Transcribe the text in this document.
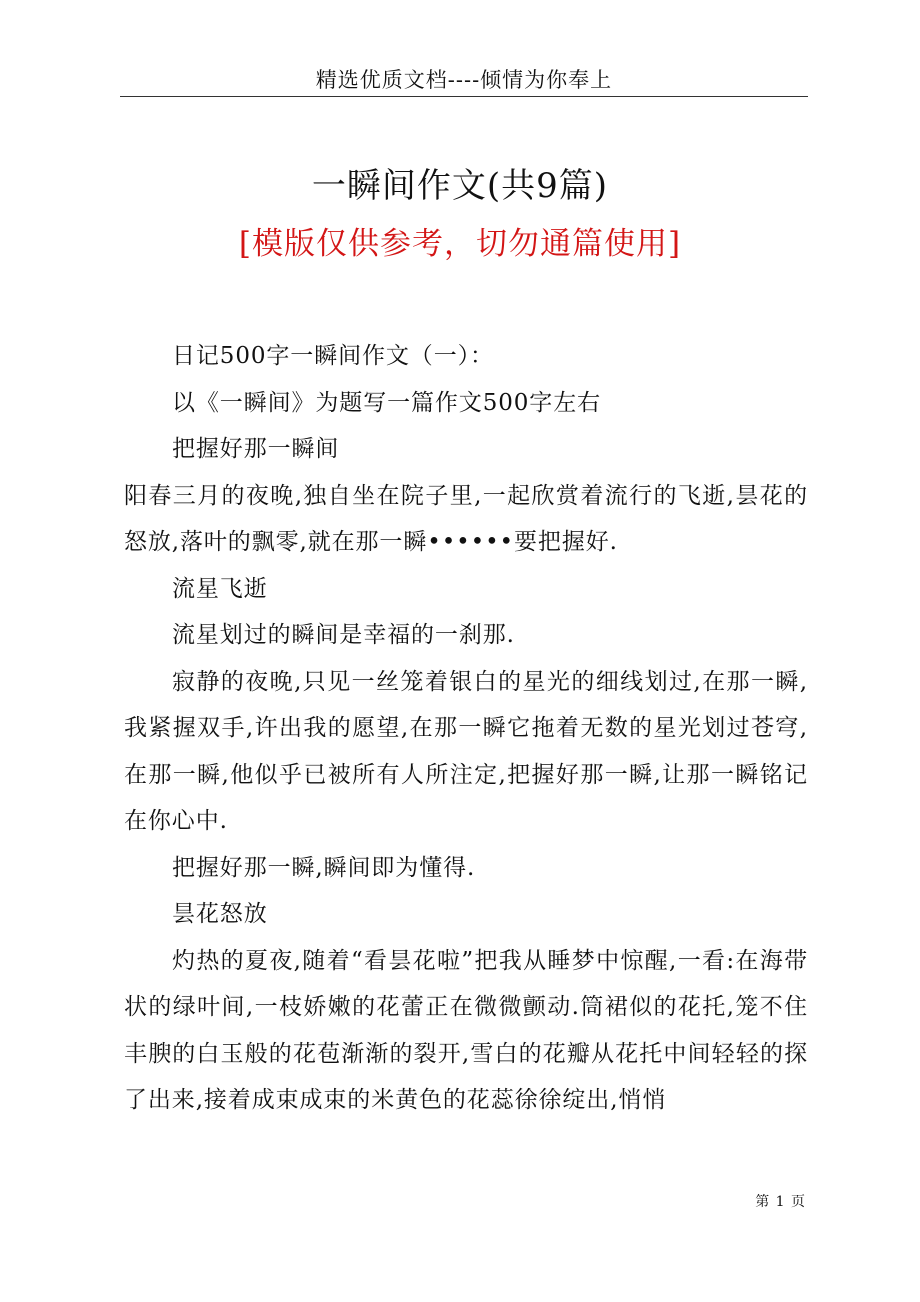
精选优质文档----倾情为你奉上
一瞬间作文(共9篇)
[模版仅供参考，切勿通篇使用]

日记500字一瞬间作文（一）：

以《一瞬间》为题写一篇作文500字左右

把握好那一瞬间

阳春三月的夜晚,独自坐在院子里,一起欣赏着流行的飞逝,昙花的怒放,落叶的飘零,就在那一瞬••••••要把握好.

流星飞逝

流星划过的瞬间是幸福的一刹那.

寂静的夜晚,只见一丝笼着银白的星光的细线划过,在那一瞬,我紧握双手,许出我的愿望,在那一瞬它拖着无数的星光划过苍穹,在那一瞬,他似乎已被所有人所注定,把握好那一瞬,让那一瞬铭记在你心中.

把握好那一瞬,瞬间即为懂得.

昙花怒放

灼热的夏夜,随着“看昙花啦”把我从睡梦中惊醒,一看:在海带状的绿叶间,一枝娇嫩的花蕾正在微微颤动.筒裙似的花托,笼不住丰腴的白玉般的花苞渐渐的裂开,雪白的花瓣从花托中间轻轻的探了出来,接着成束成束的米黄色的花蕊徐徐绽出,悄悄

第 1 页
